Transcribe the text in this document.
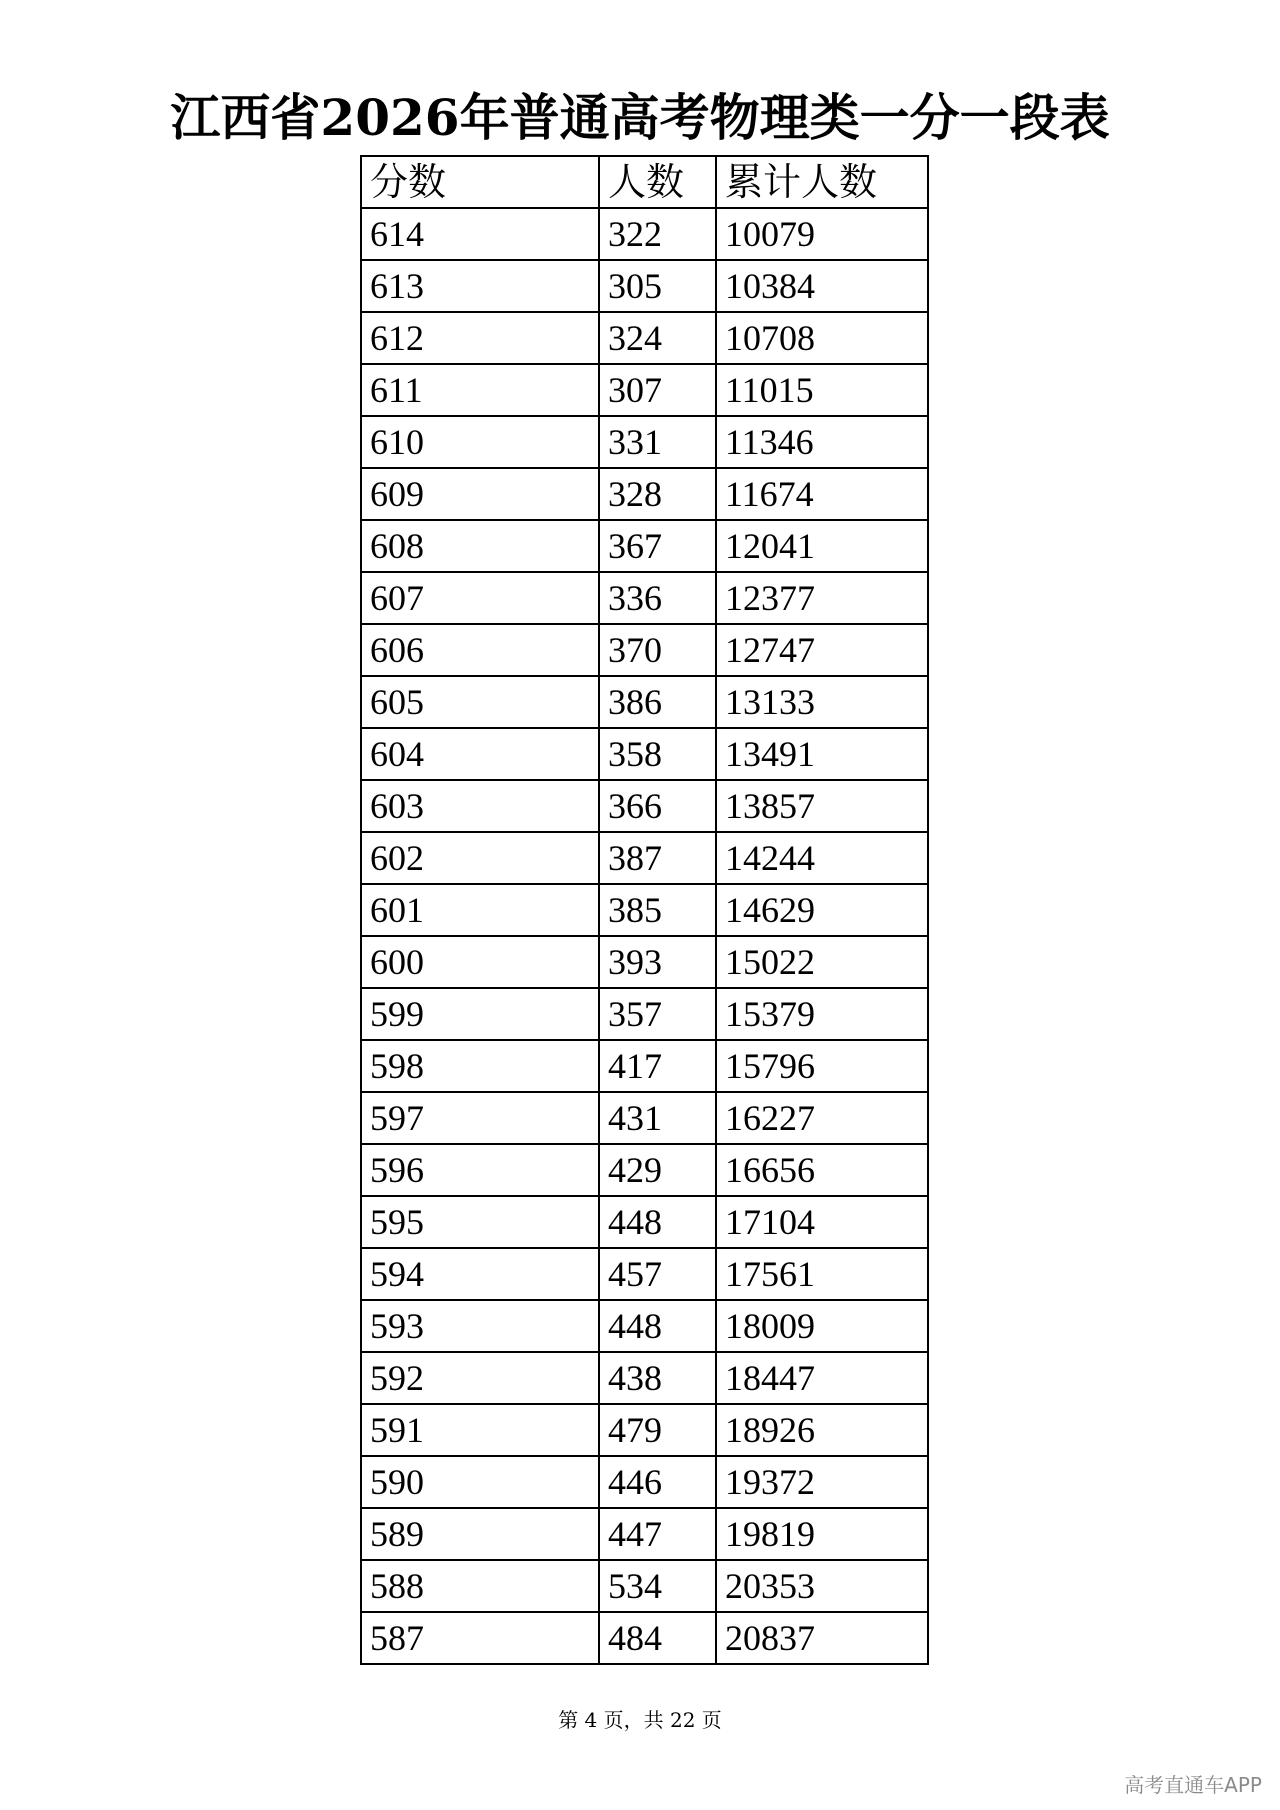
江西省2026年普通高考物理类一分一段表
分数	人数	累计人数
614	322	10079
613	305	10384
612	324	10708
611	307	11015
610	331	11346
609	328	11674
608	367	12041
607	336	12377
606	370	12747
605	386	13133
604	358	13491
603	366	13857
602	387	14244
601	385	14629
600	393	15022
599	357	15379
598	417	15796
597	431	16227
596	429	16656
595	448	17104
594	457	17561
593	448	18009
592	438	18447
591	479	18926
590	446	19372
589	447	19819
588	534	20353
587	484	20837
第 4 页，共 22 页
高考直通车APP
